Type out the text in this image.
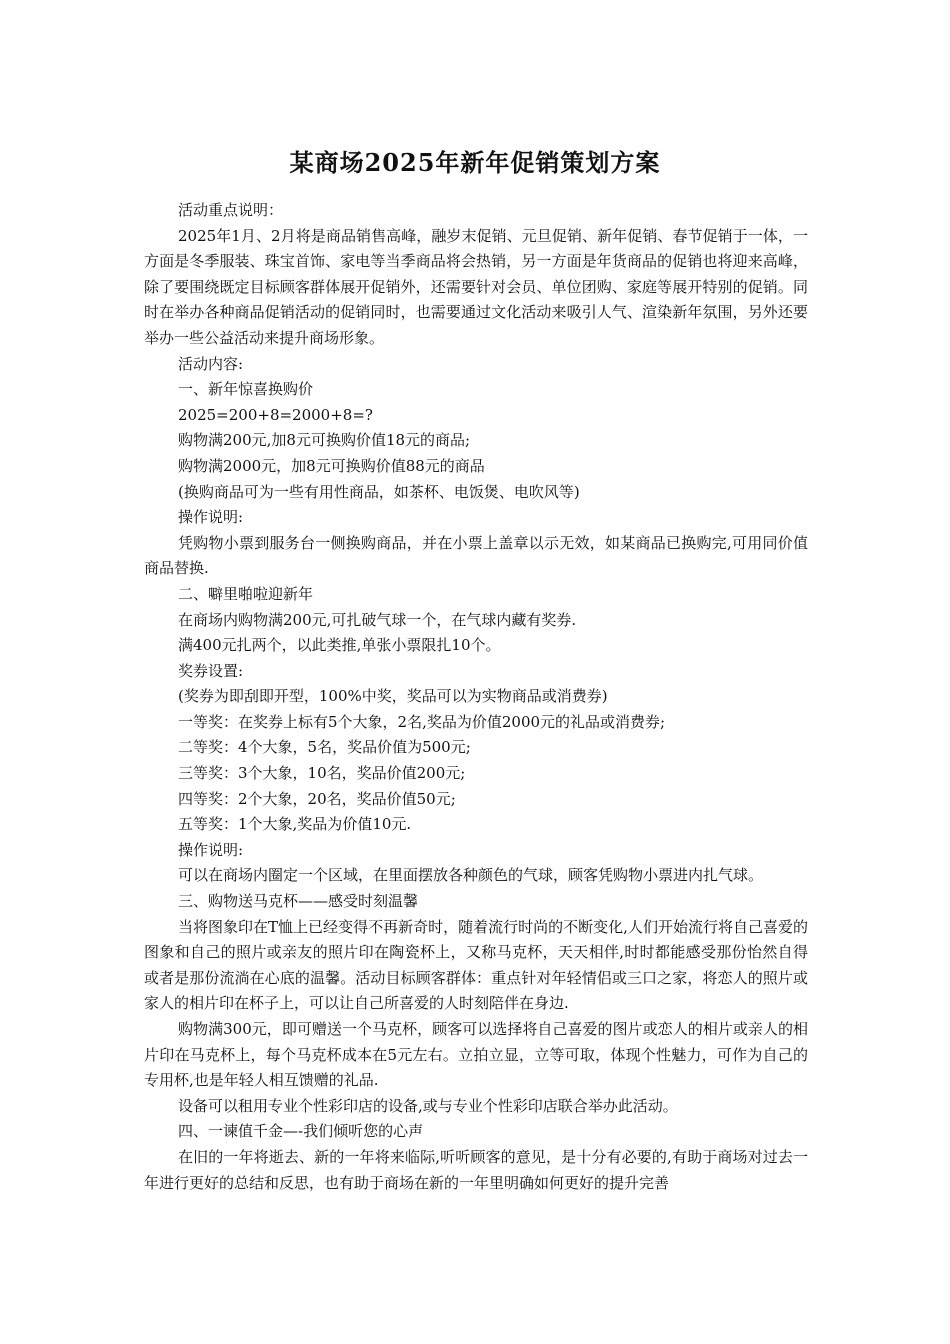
某商场2025年新年促销策划方案

活动重点说明：

2025年1月、2月将是商品销售高峰，融岁末促销、元旦促销、新年促销、春节促销于一体，一方面是冬季服装、珠宝首饰、家电等当季商品将会热销，另一方面是年货商品的促销也将迎来高峰，除了要围绕既定目标顾客群体展开促销外，还需要针对会员、单位团购、家庭等展开特别的促销。同时在举办各种商品促销活动的促销同时，也需要通过文化活动来吸引人气、渲染新年氛围，另外还要举办一些公益活动来提升商场形象。

活动内容:

一、新年惊喜换购价

2025=200+8=2000+8=?

购物满200元,加8元可换购价值18元的商品;

购物满2000元，加8元可换购价值88元的商品

(换购商品可为一些有用性商品，如茶杯、电饭煲、电吹风等)

操作说明:

凭购物小票到服务台一侧换购商品，并在小票上盖章以示无效，如某商品已换购完,可用同价值商品替换.

二、噼里啪啦迎新年

在商场内购物满200元,可扎破气球一个，在气球内藏有奖券.

满400元扎两个，以此类推,单张小票限扎10个。

奖券设置:

(奖券为即刮即开型，100%中奖，奖品可以为实物商品或消费券)

一等奖：在奖券上标有5个大象，2名,奖品为价值2000元的礼品或消费券;

二等奖：4个大象，5名，奖品价值为500元;

三等奖：3个大象，10名，奖品价值200元;

四等奖：2个大象，20名，奖品价值50元;

五等奖：1个大象,奖品为价值10元.

操作说明:

可以在商场内圈定一个区域，在里面摆放各种颜色的气球，顾客凭购物小票进内扎气球。

三、购物送马克杯——感受时刻温馨

当将图象印在T恤上已经变得不再新奇时，随着流行时尚的不断变化,人们开始流行将自己喜爱的图象和自己的照片或亲友的照片印在陶瓷杯上，又称马克杯，天天相伴,时时都能感受那份怡然自得或者是那份流淌在心底的温馨。活动目标顾客群体：重点针对年轻情侣或三口之家，将恋人的照片或家人的相片印在杯子上，可以让自己所喜爱的人时刻陪伴在身边.

购物满300元，即可赠送一个马克杯，顾客可以选择将自己喜爱的图片或恋人的相片或亲人的相片印在马克杯上，每个马克杯成本在5元左右。立拍立显，立等可取，体现个性魅力，可作为自己的专用杯,也是年轻人相互馈赠的礼品.

设备可以租用专业个性彩印店的设备,或与专业个性彩印店联合举办此活动。

四、一谏值千金—-我们倾听您的心声

在旧的一年将逝去、新的一年将来临际,听听顾客的意见，是十分有必要的,有助于商场对过去一年进行更好的总结和反思，也有助于商场在新的一年里明确如何更好的提升完善
